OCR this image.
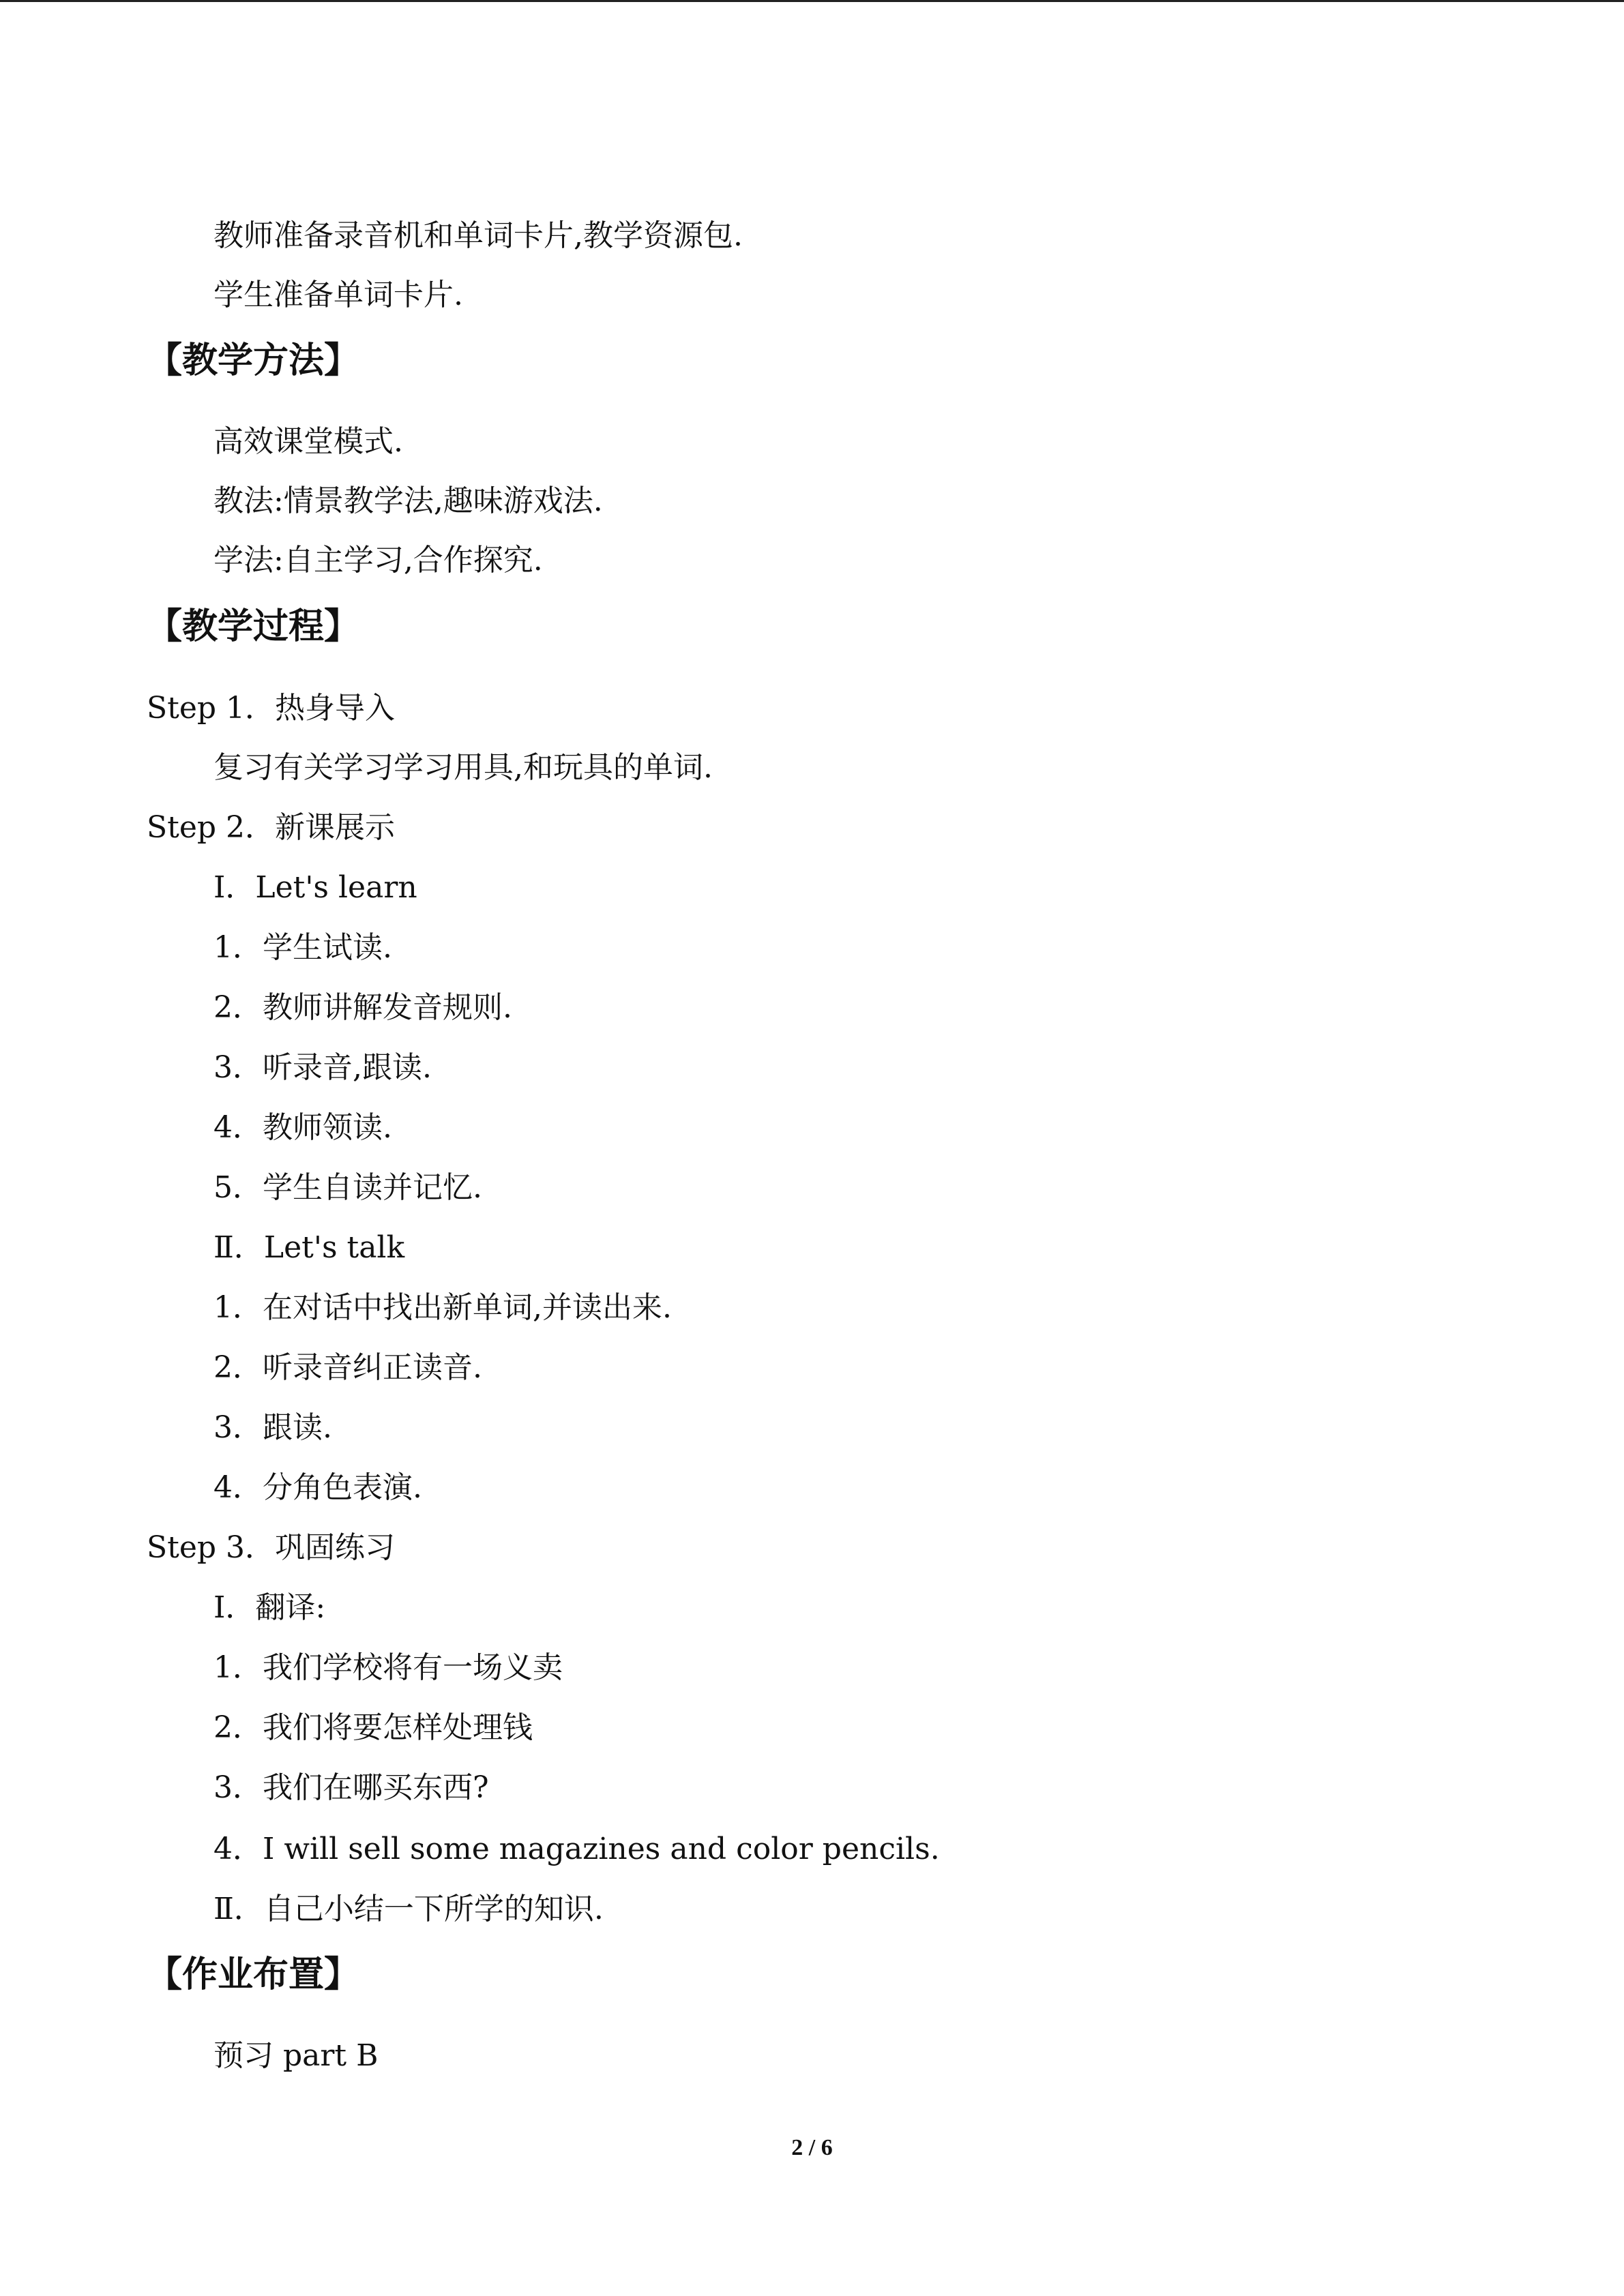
教师准备录音机和单词卡片,教学资源包.
学生准备单词卡片.
【教学方法】
高效课堂模式.
教法:情景教学法,趣味游戏法.
学法:自主学习,合作探究.
【教学过程】
Step 1．热身导入
复习有关学习学习用具,和玩具的单词.
Step 2．新课展示
Ⅰ．Let's learn
1．学生试读.
2．教师讲解发音规则.
3．听录音,跟读.
4．教师领读.
5．学生自读并记忆.
Ⅱ．Let's talk
1．在对话中找出新单词,并读出来.
2．听录音纠正读音.
3．跟读.
4．分角色表演.
Step 3．巩固练习
Ⅰ．翻译:
1．我们学校将有一场义卖
2．我们将要怎样处理钱
3．我们在哪买东西?
4．I will sell some magazines and color pencils.
Ⅱ．自己小结一下所学的知识.
【作业布置】
预习 part B
2 / 6
